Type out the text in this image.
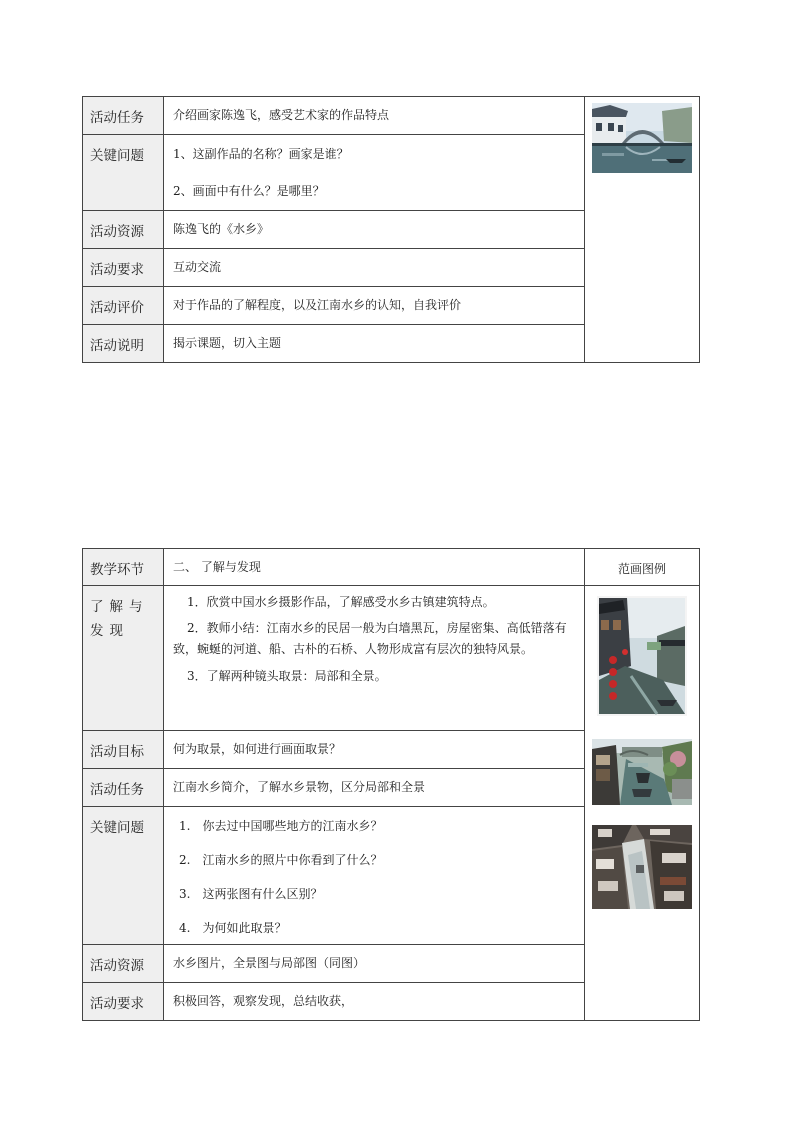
活动任务	介绍画家陈逸飞，感受艺术家的作品特点	

关键问题	1、这副作品的名称？画家是谁？

2、画面中有什么？是哪里？	

活动资源	陈逸飞的《水乡》	
活动要求	互动交流	
活动评价	对于作品的了解程度，以及江南水乡的认知，自我评价	
活动说明	揭示课题，切入主题	
教学环节	二、 了解与发现	范画图例
了解与发现	1．欣赏中国水乡摄影作品，了解感受水乡古镇建筑特点。

2．教师小结：江南水乡的民居一般为白墙黑瓦，房屋密集、高低错落有致，蜿蜒的河道、船、古朴的石桥、人物形成富有层次的独特风景。

3．了解两种镜头取景：局部和全景。

活动目标	何为取景，如何进行画面取景？	
活动任务	江南水乡简介，了解水乡景物，区分局部和全景	
关键问题	1.　你去过中国哪些地方的江南水乡？

2.　江南水乡的照片中你看到了什么？

3.　这两张图有什么区别？

4.　为何如此取景？	

活动资源	水乡图片，全景图与局部图（同图）	
活动要求	积极回答，观察发现，总结收获，	
